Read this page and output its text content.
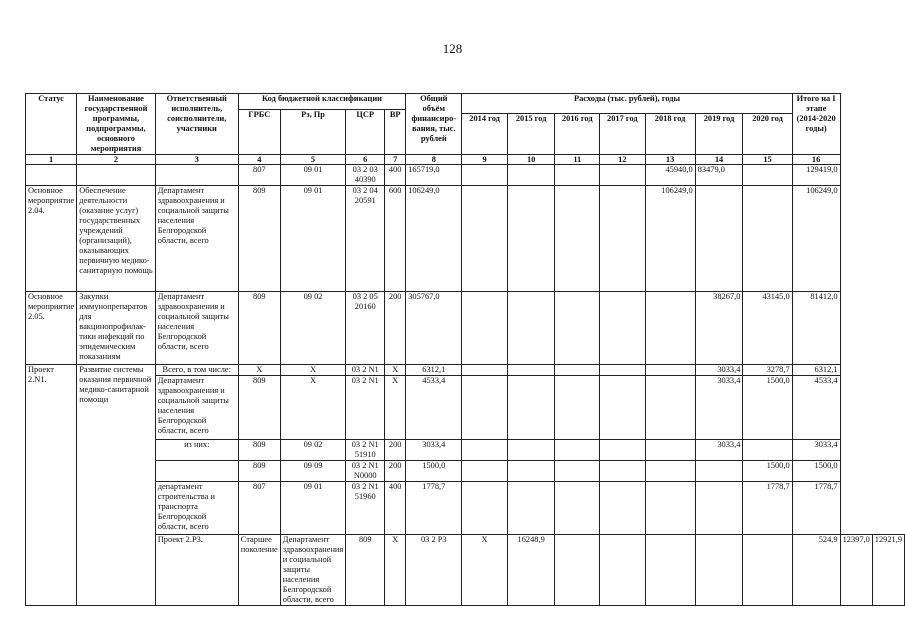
128
Статус	Наименование государственной программы, подпрограммы, основного мероприятия	Ответственный исполнитель, соисполнители, участники	Код бюджетной классификации				Общий объём финансиро-вания, тыс. рублей	Расходы (тыс. рублей), годы							Итого на I этапе (2014-2020 годы)		
			ГРБС	Рз, Пр	ЦСР	ВР											
								2014 год	2015 год	2016 год	2017 год	2018 год	2019 год	2020 год			
1	2	3	4	5	6	7	8	9	10	11	12	13	14	15	16		
			807	09 01	03 2 03 40390	400	165719,0					45940,0	83479,0		129419,0		
Основное мероприятие 2.04.	Обеспечение деятельности (оказание услуг) государственных учреждений (организаций), оказывающих первичную медико-санитарную помощь	Департамент здравоохранения и социальной защиты населения Белгородской области, всего	809	09 01	03 2 04 20591	600	106249,0					106249,0			106249,0		
Основное мероприятие 2.05.	Закупки иммунопрепаратов для вакцинопрофилак-тики инфекций по эпидемическим показаниям	Департамент здравоохранения и социальной защиты населения Белгородской области, всего	809	09 02	03 2 05 20160	200	305767,0						38267,0	43145,0	81412,0		
Проект 2.N1.	Развитие системы оказания первичной медико-санитарной помощи	Всего, в том числе:	Х	Х	03 2 N1	Х	6312,1						3033,4	3278,7	6312,1		
		Департамент здравоохранения и социальной защиты населения Белгородской области, всего	809	Х	03 2 N1	Х	4533,4						3033,4	1500,0	4533,4		
		из них:	809	09 02	03 2 N1 51910	200	3033,4						3033,4		3033,4		
			809	09 09	03 2 N1 N0000	200	1500,0							1500,0	1500,0		
		департамент строительства и транспорта Белгородской области, всего	807	09 01	03 2 N1 51960	400	1778,7							1778,7	1778,7		
		Проект 2.Р3.	Старшее поколение	Департамент здравоохранения и социальной защиты населения Белгородской области, всего	809	Х	03 2 Р3	Х	16248,9						524,9	12397,0	12921,9
